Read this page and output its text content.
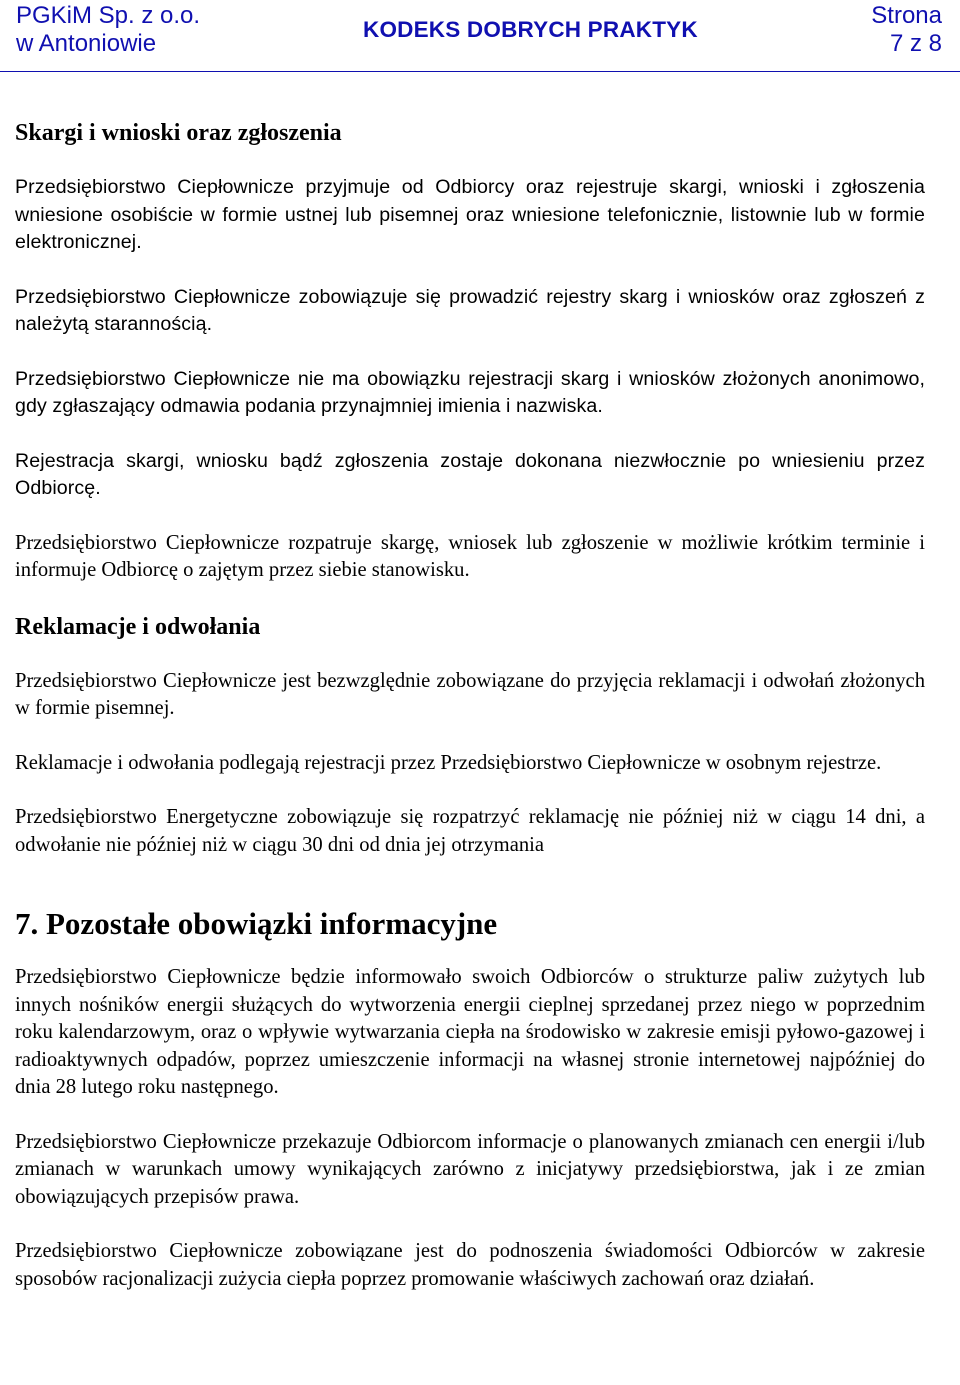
PGKiM Sp. z o.o.
w Antoniowie
KODEKS DOBRYCH PRAKTYK
Strona
7 z 8
Skargi i wnioski oraz zgłoszenia

Przedsiębiorstwo Ciepłownicze przyjmuje od Odbiorcy oraz rejestruje skargi, wnioski i zgłoszenia wniesione osobiście w formie ustnej lub pisemnej oraz wniesione telefonicznie, listownie lub w formie elektronicznej.

Przedsiębiorstwo Ciepłownicze zobowiązuje się prowadzić rejestry skarg i wniosków oraz zgłoszeń z należytą starannością.

Przedsiębiorstwo Ciepłownicze nie ma obowiązku rejestracji skarg i wniosków złożonych anonimowo, gdy zgłaszający odmawia podania przynajmniej imienia i nazwiska.

Rejestracja skargi, wniosku bądź zgłoszenia zostaje dokonana niezwłocznie po wniesieniu przez Odbiorcę.

Przedsiębiorstwo Ciepłownicze rozpatruje skargę, wniosek lub zgłoszenie w możliwie krótkim terminie i informuje Odbiorcę o zajętym przez siebie stanowisku.

Reklamacje i odwołania

Przedsiębiorstwo Ciepłownicze jest bezwzględnie zobowiązane do przyjęcia reklamacji i odwołań złożonych w formie pisemnej.

Reklamacje i odwołania podlegają rejestracji przez Przedsiębiorstwo Ciepłownicze w osobnym rejestrze.

Przedsiębiorstwo Energetyczne zobowiązuje się rozpatrzyć reklamację nie później niż w ciągu 14 dni, a odwołanie nie później niż w ciągu 30 dni od dnia jej otrzymania

7. Pozostałe obowiązki informacyjne

Przedsiębiorstwo Ciepłownicze będzie informowało swoich Odbiorców o strukturze paliw zużytych lub innych nośników energii służących do wytworzenia energii cieplnej sprzedanej przez niego w poprzednim roku kalendarzowym, oraz o wpływie wytwarzania ciepła na środowisko w zakresie emisji pyłowo-gazowej i radioaktywnych odpadów, poprzez umieszczenie informacji na własnej stronie internetowej najpóźniej do dnia 28 lutego roku następnego.

Przedsiębiorstwo Ciepłownicze przekazuje Odbiorcom informacje o planowanych zmianach cen energii i/lub zmianach w warunkach umowy wynikających zarówno z inicjatywy przedsiębiorstwa, jak i ze zmian obowiązujących przepisów prawa.

Przedsiębiorstwo Ciepłownicze zobowiązane jest do podnoszenia świadomości Odbiorców w zakresie sposobów racjonalizacji zużycia ciepła poprzez promowanie właściwych zachowań oraz działań.
